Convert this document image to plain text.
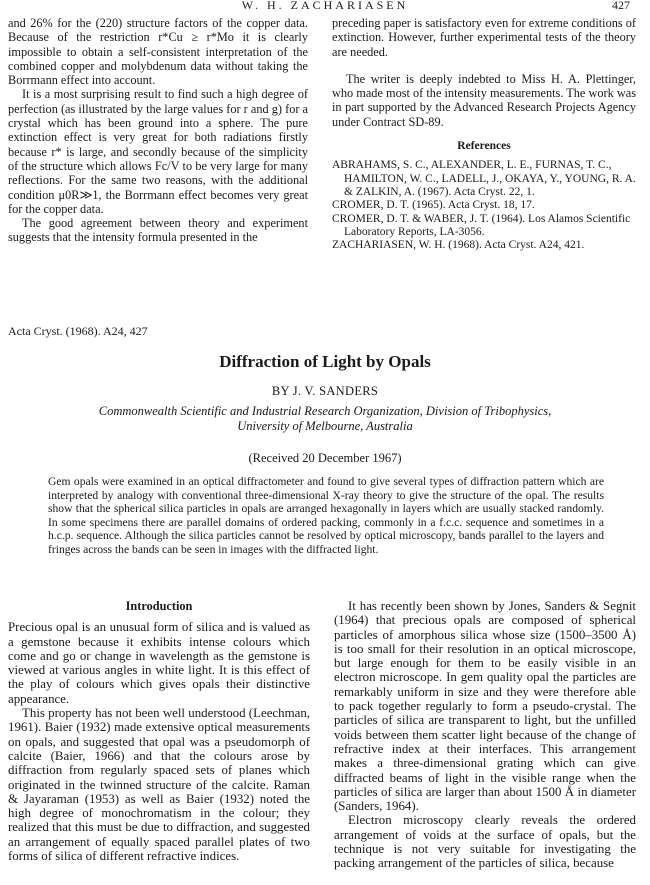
W. H. ZACHARIASEN	427

and 26% for the (220) structure factors of the copper data. Because of the restriction r*Cu ≥ r*Mo it is clearly impossible to obtain a self-consistent interpretation of the combined copper and molybdenum data without taking the Borrmann effect into account.

It is a most surprising result to find such a high degree of perfection (as illustrated by the large values for r and g) for a crystal which has been ground into a sphere. The pure extinction effect is very great for both radiations firstly because r* is large, and secondly because of the simplicity of the structure which allows Fc/V to be very large for many reflections. For the same two reasons, with the additional condition μ0R≫1, the Borrmann effect becomes very great for the copper data.

The good agreement between theory and experiment suggests that the intensity formula presented in the

preceding paper is satisfactory even for extreme conditions of extinction. However, further experimental tests of the theory are needed.

The writer is deeply indebted to Miss H. A. Plettinger, who made most of the intensity measurements. The work was in part supported by the Advanced Research Projects Agency under Contract SD-89.

References
ABRAHAMS, S. C., ALEXANDER, L. E., FURNAS, T. C., HAMILTON, W. C., LADELL, J., OKAYA, Y., YOUNG, R. A. & ZALKIN, A. (1967). Acta Cryst. 22, 1.
CROMER, D. T. (1965). Acta Cryst. 18, 17.
CROMER, D. T. & WABER, J. T. (1964). Los Alamos Scientific Laboratory Reports, LA-3056.
ZACHARIASEN, W. H. (1968). Acta Cryst. A24, 421.
Acta Cryst. (1968). A24, 427
Diffraction of Light by Opals
BY J. V. SANDERS
Commonwealth Scientific and Industrial Research Organization, Division of Tribophysics,
University of Melbourne, Australia
(Received 20 December 1967)
Gem opals were examined in an optical diffractometer and found to give several types of diffraction pattern which are interpreted by analogy with conventional three-dimensional X-ray theory to give the structure of the opal. The results show that the spherical silica particles in opals are arranged hexagonally in layers which are usually stacked randomly. In some specimens there are parallel domains of ordered packing, commonly in a f.c.c. sequence and sometimes in a h.c.p. sequence. Although the silica particles cannot be resolved by optical microscopy, bands parallel to the layers and fringes across the bands can be seen in images with the diffracted light.
Introduction

Precious opal is an unusual form of silica and is valued as a gemstone because it exhibits intense colours which come and go or change in wavelength as the gemstone is viewed at various angles in white light. It is this effect of the play of colours which gives opals their distinctive appearance.

This property has not been well understood (Leechman, 1961). Baier (1932) made extensive optical measurements on opals, and suggested that opal was a pseudomorph of calcite (Baier, 1966) and that the colours arose by diffraction from regularly spaced sets of planes which originated in the twinned structure of the calcite. Raman & Jayaraman (1953) as well as Baier (1932) noted the high degree of monochromatism in the colour; they realized that this must be due to diffraction, and suggested an arrangement of equally spaced parallel plates of two forms of silica of different refractive indices.

It has recently been shown by Jones, Sanders & Segnit (1964) that precious opals are composed of spherical particles of amorphous silica whose size (1500–3500 Å) is too small for their resolution in an optical microscope, but large enough for them to be easily visible in an electron microscope. In gem quality opal the particles are remarkably uniform in size and they were therefore able to pack together regularly to form a pseudo-crystal. The particles of silica are transparent to light, but the unfilled voids between them scatter light because of the change of refractive index at their interfaces. This arrangement makes a three-dimensional grating which can give diffracted beams of light in the visible range when the particles of silica are larger than about 1500 Å in diameter (Sanders, 1964).

Electron microscopy clearly reveals the ordered arrangement of voids at the surface of opals, but the technique is not very suitable for investigating the packing arrangement of the particles of silica, because
